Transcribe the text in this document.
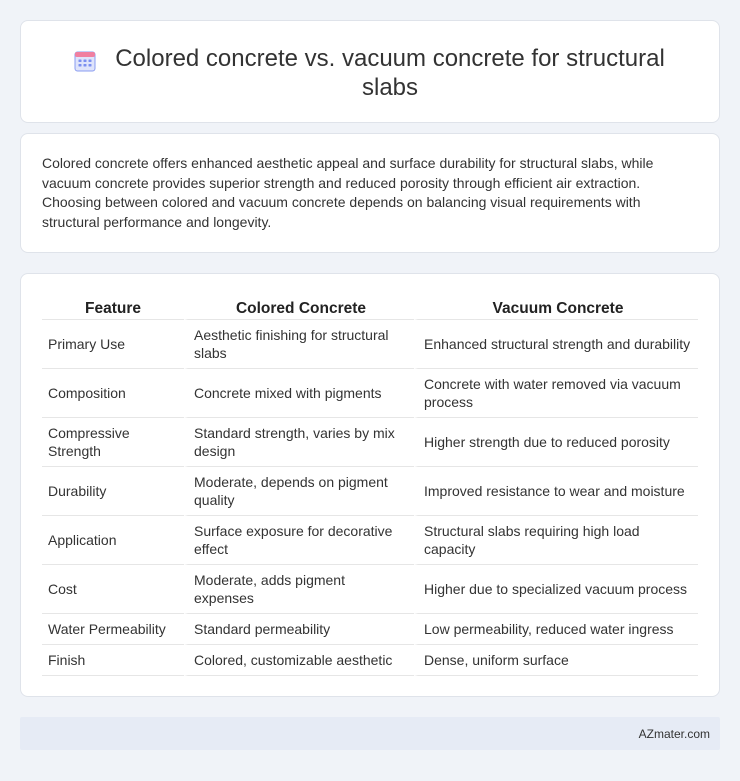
Colored concrete vs. vacuum concrete for structural slabs

Colored concrete offers enhanced aesthetic appeal and surface durability for structural slabs, while vacuum concrete provides superior strength and reduced porosity through efficient air extraction. Choosing between colored and vacuum concrete depends on balancing visual requirements with structural performance and longevity.

Feature	Colored Concrete	Vacuum Concrete
Primary Use	Aesthetic finishing for structural slabs	Enhanced structural strength and durability
Composition	Concrete mixed with pigments	Concrete with water removed via vacuum process
Compressive Strength	Standard strength, varies by mix design	Higher strength due to reduced porosity
Durability	Moderate, depends on pigment quality	Improved resistance to wear and moisture
Application	Surface exposure for decorative effect	Structural slabs requiring high load capacity
Cost	Moderate, adds pigment expenses	Higher due to specialized vacuum process
Water Permeability	Standard permeability	Low permeability, reduced water ingress
Finish	Colored, customizable aesthetic	Dense, uniform surface
AZmater.com
